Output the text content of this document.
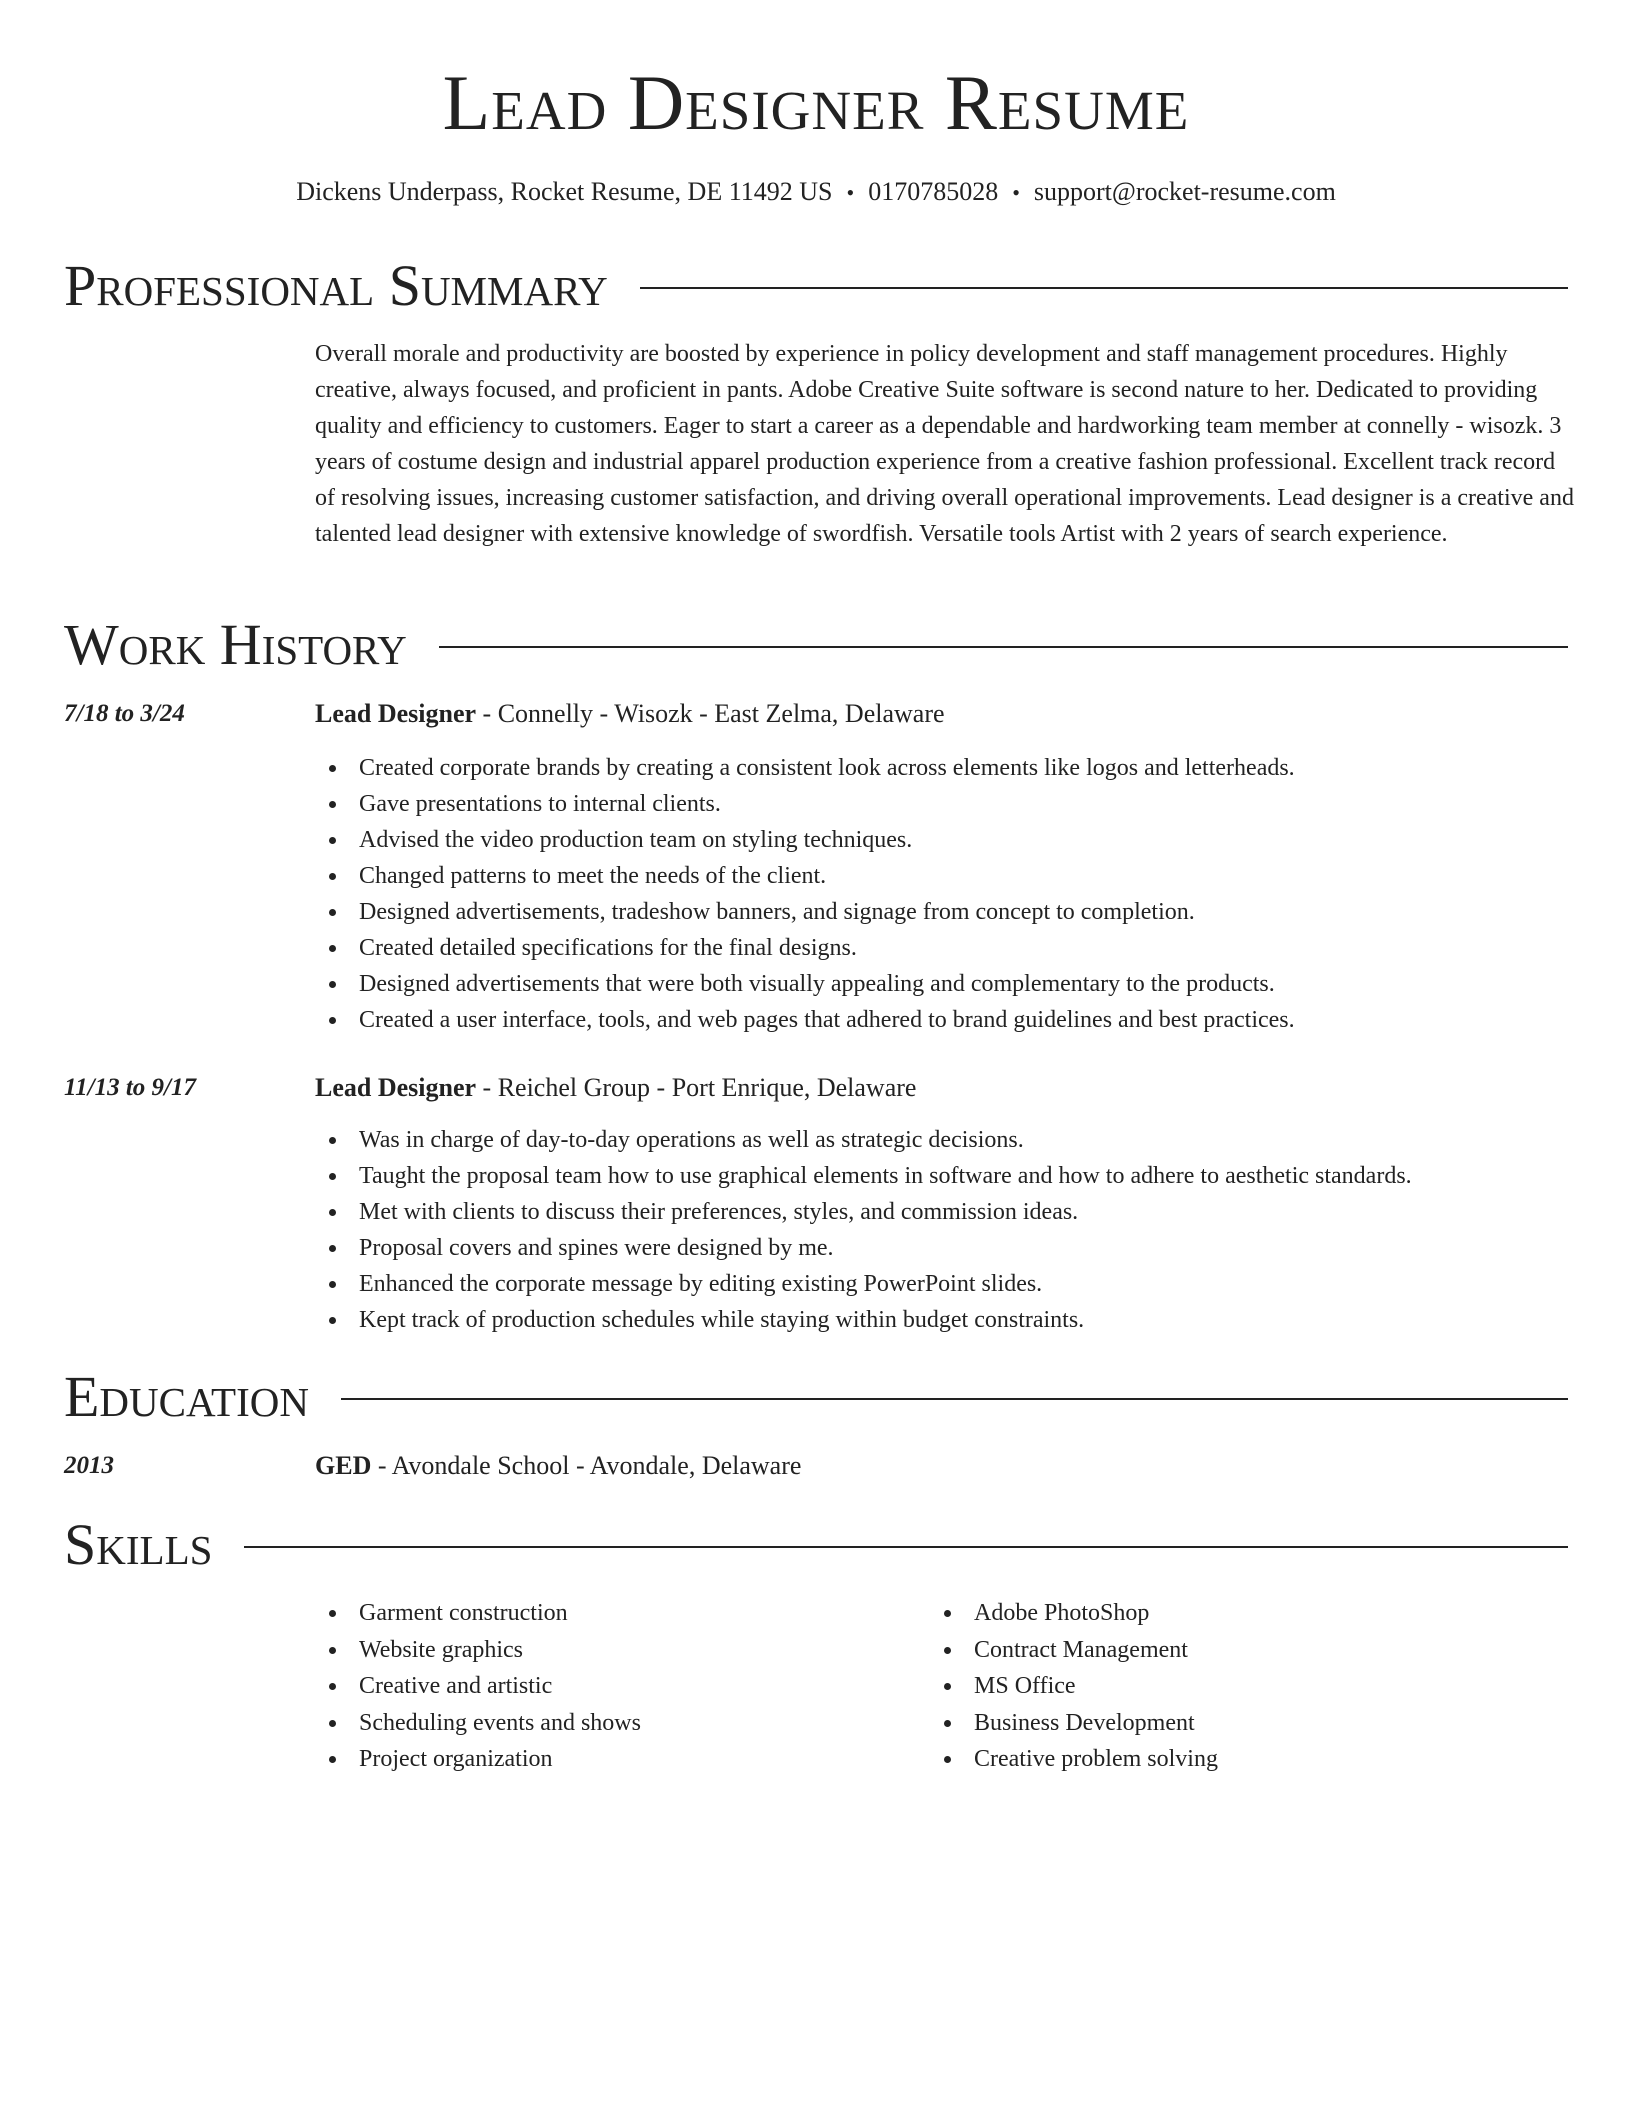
Lead Designer Resume
Dickens Underpass, Rocket Resume, DE 11492 US • 0170785028 • support@rocket-resume.com
Professional Summary
Overall morale and productivity are boosted by experience in policy development and staff management procedures. Highly creative, always focused, and proficient in pants. Adobe Creative Suite software is second nature to her. Dedicated to providing quality and efficiency to customers. Eager to start a career as a dependable and hardworking team member at connelly - wisozk. 3 years of costume design and industrial apparel production experience from a creative fashion professional. Excellent track record of resolving issues, increasing customer satisfaction, and driving overall operational improvements. Lead designer is a creative and talented lead designer with extensive knowledge of swordfish. Versatile tools Artist with 2 years of search experience.
Work History
7/18 to 3/24	Lead Designer - Connelly - Wisozk - East Zelma, Delaware
Created corporate brands by creating a consistent look across elements like logos and letterheads.
Gave presentations to internal clients.
Advised the video production team on styling techniques.
Changed patterns to meet the needs of the client.
Designed advertisements, tradeshow banners, and signage from concept to completion.
Created detailed specifications for the final designs.
Designed advertisements that were both visually appealing and complementary to the products.
Created a user interface, tools, and web pages that adhered to brand guidelines and best practices.
11/13 to 9/17	Lead Designer - Reichel Group - Port Enrique, Delaware
Was in charge of day-to-day operations as well as strategic decisions.
Taught the proposal team how to use graphical elements in software and how to adhere to aesthetic standards.
Met with clients to discuss their preferences, styles, and commission ideas.
Proposal covers and spines were designed by me.
Enhanced the corporate message by editing existing PowerPoint slides.
Kept track of production schedules while staying within budget constraints.
Education
2013	GED - Avondale School - Avondale, Delaware
Skills
Garment construction
Website graphics
Creative and artistic
Scheduling events and shows
Project organization
Adobe PhotoShop
Contract Management
MS Office
Business Development
Creative problem solving
